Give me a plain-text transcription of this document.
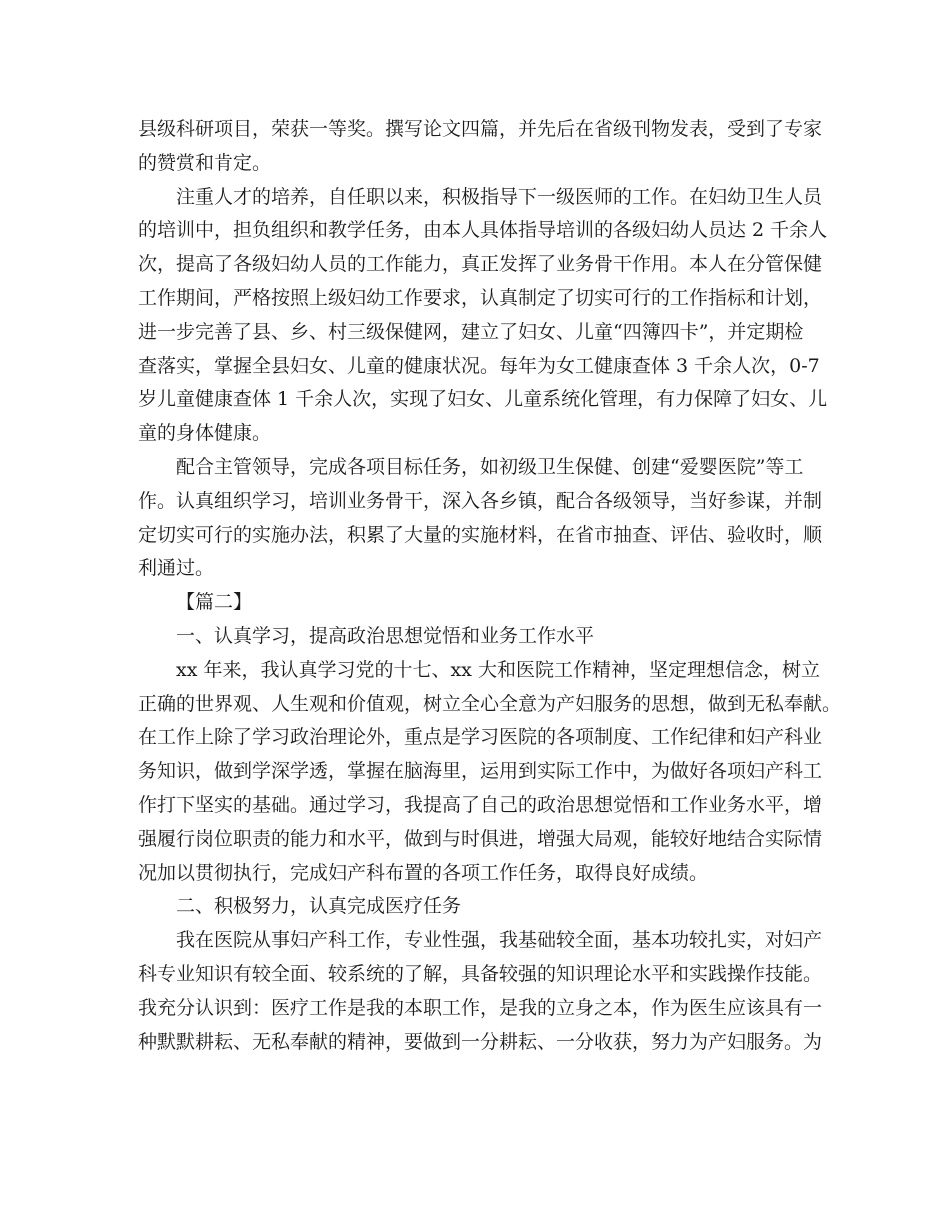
县级科研项目，荣获一等奖。撰写论文四篇，并先后在省级刊物发表，受到了专家
的赞赏和肯定。
注重人才的培养，自任职以来，积极指导下一级医师的工作。在妇幼卫生人员
的培训中，担负组织和教学任务，由本人具体指导培训的各级妇幼人员达 2 千余人
次，提高了各级妇幼人员的工作能力，真正发挥了业务骨干作用。本人在分管保健
工作期间，严格按照上级妇幼工作要求，认真制定了切实可行的工作指标和计划，
进一步完善了县、乡、村三级保健网，建立了妇女、儿童“四簿四卡”，并定期检
查落实，掌握全县妇女、儿童的健康状况。每年为女工健康查体 3 千余人次，0-7
岁儿童健康查体 1 千余人次，实现了妇女、儿童系统化管理，有力保障了妇女、儿
童的身体健康。
配合主管领导，完成各项目标任务，如初级卫生保健、创建“爱婴医院”等工
作。认真组织学习，培训业务骨干，深入各乡镇，配合各级领导，当好参谋，并制
定切实可行的实施办法，积累了大量的实施材料，在省市抽查、评估、验收时，顺
利通过。
【篇二】
一、认真学习，提高政治思想觉悟和业务工作水平
xx 年来，我认真学习党的十七、xx 大和医院工作精神，坚定理想信念，树立
正确的世界观、人生观和价值观，树立全心全意为产妇服务的思想，做到无私奉献。
在工作上除了学习政治理论外，重点是学习医院的各项制度、工作纪律和妇产科业
务知识，做到学深学透，掌握在脑海里，运用到实际工作中，为做好各项妇产科工
作打下坚实的基础。通过学习，我提高了自己的政治思想觉悟和工作业务水平，增
强履行岗位职责的能力和水平，做到与时俱进，增强大局观，能较好地结合实际情
况加以贯彻执行，完成妇产科布置的各项工作任务，取得良好成绩。
二、积极努力，认真完成医疗任务
我在医院从事妇产科工作，专业性强，我基础较全面，基本功较扎实，对妇产
科专业知识有较全面、较系统的了解，具备较强的知识理论水平和实践操作技能。
我充分认识到：医疗工作是我的本职工作，是我的立身之本，作为医生应该具有一
种默默耕耘、无私奉献的精神，要做到一分耕耘、一分收获，努力为产妇服务。为
